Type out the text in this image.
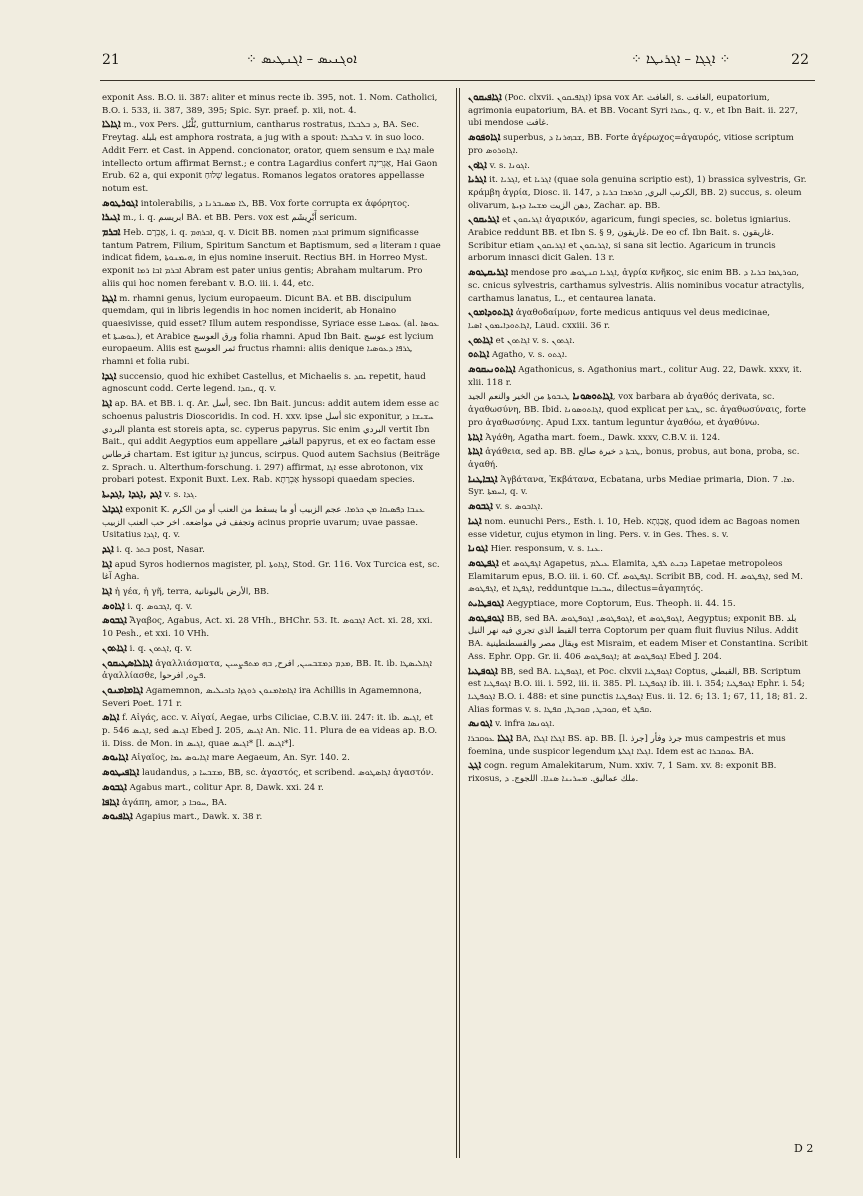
21	⁘ ܐܘܓܢܝܣ – ܐܓܢܛܝܣ	⁘ ܐܓܓܐ – ܐܓܪܝܛܐ ⁘	22

exponit Ass. B.O. ii. 387: aliter et minus recte ib. 395, not. 1. Nom. Catholici, B.O. i. 533, ii. 387, 389, 395; Spic. Syr. praef. p. xii, not. 4.

ܐܓܐܠܐ m., vox Pers. بُلْبُل, gutturnium, cantharus rostratus, ܕ ܒܠܒܠܐ, BA. Sec. Freytag. بلبلة est amphora rostrata, a jug with a spout: ܒܠܒܠܐ v. in suo loco. Addit Ferr. et Cast. in Append. concionator, orator, quem sensum e ܐܓܠܐ male intellecto ortum affirmat Bernst.; e contra Lagardius confert אַגְרִיּנָה, Hai Gaon Erub. 62 a, qui exponit שְׁלוּחַ legatus. Romanos legatos oratores appellasse notum est.

ܐܓܘܪܛܘܣ intolerabilis, ܠܐ ܡܣܝܒܪܢܐ ܕ, BB. Vox forte corrupta ex ἀφόρητος.

ܐܓܝܪܐ m., i. q. ابریسم BA. et BB. Pers. vox est أَبْرِيشَم sericum.

ܐܒܪܡ Heb. אַבְרָם, i. q. ܐܒܪܗܡ, q. v. Dicit BB. nomen ܐܒܪܡ primum significasse tantum Patrem, Filium, Spiritum Sanctum et Baptismum, sed ܗ literam ܐ quae indicat fidem, ܗܝܡܢܘܬܐ, in ejus nomine inseruit. Rectius BH. in Horreo Myst. exponit ܐܒܪܡ ܐܒܐ ܪܡܐ Abram est pater unius gentis; Abraham multarum. Pro aliis qui hoc nomen ferebant v. B.O. iii. i. 44, etc.

ܐܓܓܐ m. rhamni genus, lycium europaeum. Dicunt BA. et BB. discipulum quemdam, qui in libris legendis in hoc nomen inciderit, ab Honaino quaesivisse, quid esset? Illum autem respondisse, Syriace esse ܥܘܣܝܐ (al. ܥܘܣܐ et ܥܘܣܝܬܐ), et Arabice ورق العوسج folia rhamni. Apud Ibn Bait. عوسج est lycium europaeum. Aliis est ثمر العوسج fructus rhamni: aliis denique ܛܪܦܐ ܕܥܘܣܝܐ rhamni et folia rubi.

ܐܓܕܐ succensio, quod hic exhibet Castellus, et Michaelis s. ܝܩܕ repetit, haud agnoscunt codd. Certe legend. ܝܩܕܐ, q. v.

ܐܓܐ ap. BA. et BB. i. q. Ar. أسل, sec. Ibn Bait. juncus: addit autem idem esse ac schoenus palustris Dioscoridis. In cod. H. xxv. ipse أسل sic exponitur, ܚܫܝܫܐ ܕ البردي planta est storeis apta, sc. cyperus papyrus. Sic enim البردي vertit Ibn Bait., qui addit Aegyptios eum appellare الفافير papyrus, et ex eo factam esse قرطاس chartam. Est igitur ܐܓܐ juncus, scirpus. Quod autem Sachsius (Beiträge z. Sprach. u. Alterthum-forschung. i. 297) affirmat, ܐܓܐ esse abrotonon, vix probari potest. Exponit Buxt. Lex. Rab. אַבְרָתָא hyssopi quaedam species.

ܐܓܕ ,ܐܓܕܐ ,ܐܓܕܝܬܐ v. s. ܓܕܐ.

ܐܓܕܐܠ exponit K. ܥܢܒܐ ܕܦܣܝܩܐ ܡܢ ܟܪܡܐ. عجم الزبيب أو ما يسقط من العنب أو من الكرم وتجفف في مواضعه. اخر حب العنب الزبيب acinus proprie uvarum; uvae passae. Usitatius ܐܓܕܐ, q. v.

ܐܓܕ i. q. ܒܬܪ post, Nasar.

ܐܓܐ apud Syros hodiernos magister, pl. ܐܓܐܘܬܐ, Stod. Gr. 116. Vox Turcica est, sc. آغا Agha.

ܐܓܐ ἡ γέα, ἡ γῆ, terra, الأرض باليونانية, BB.

ܐܓܐܘܣ i. q. ܐܓܒܘܣ, q. v.

ܐܓܒܘܣ Ἄγαβος, Agabus, Act. xi. 28 VHh., BHChr. 53. It. ܐܓܒܘܣ Act. xi. 28, xxi. 10 Pesh., et xxi. 10 VHh.

ܐܓܐܬܘܢ i. q. ܐܓܬܘܢ, q. v.

ܐܓܐܠܐܣܛܝܩܘܢ ἀγαλλιάσματα, ܡܕܡ ܕܡܫܒܚܝܢ, افرح, ܒܗ ܡܬܦܨܚܝܢ, BB. It. ib. ܐܓܐܠܝܣܛܐ ἀγαλλίασθε, ܦܨܘ, افرحوا.

ܐܓܐܡܐܡܢܘܢ Agamemnon, ܐܓܐܡܐܡܢܘܢ ܪܘܓܙܐ ܕܐܟܝܠܝܣ ira Achillis in Agamemnona, Severi Poet. 171 r.

ܐܓܐܣ f. Αἰγάς, acc. v. Αἰγαί, Aegae, urbs Ciliciae, C.B.V. iii. 247: it. ib. ܐܓܝܣ, et p. 546 ܐܓܝܣ, sed ܐܓܝܣ Ebed J. 205, ܐܓܝܣ An. Nic. 11. Plura de ea videas ap. B.O. ii. Diss. de Mon. in ܐܓܝܣ, quae ܐܓܝܣ* [l. ܐܓܝܣ*].

ܐܓܐܝܘܣ Αἰγαῖος, ܐܓܐܝܘܣ ܝܡܐ mare Aegaeum, An. Syr. 140. 2.

ܐܓܐܦܝܛܘܣ laudandus, ܡܫܒܚܐ ܕ, BB, sc. ἀγαστός, et scribend. ܐܓܐܣܛܘܣ ἀγαστόν.

ܐܓܒܘܣ Agabus mart., colitur Apr. 8, Dawk. xxi. 24 r.

ܐܓܐܦܐ ἀγάπη, amor, ܚܘܒܐ ܕ, BA.

ܐܓܐܦܝܘܣ Agapius mart., Dawk. x. 38 r.

ܐܓܐܦܝܩܘܢ (Poc. clxvii. ܐܓܐܦܝܩܘܢ) ipsa vox Ar. الغافث, s. الغافت, eupatorium, agrimonia eupatorium, BA. et BB. Vocant Syri ܥܩܪܐ, q. v., et Ibn Bait. ii. 227, ubi mendose غافت.

ܐܓܐܘܦܘܣ superbus, ܫܒܗܪܢܐ ܕ, BB. Forte ἀγέρωχος=ἀγαυρός, vitiose scriptum pro ܐܓܐܘܪܘܣ.

ܐܓܐܘܢ v. s. ܐܓܘܢܐ.

ܐܓܪܝܐ it. ܐܓܪܝܐ, et ܐܓܪܝܐ (quae sola genuina scriptio est), 1) brassica sylvestris, Gr. κράμβη ἀγρία, Diosc. ii. 147, الكرنب البري, ܩܪܡܒܐ ܒܪܝܐ ܕ, BB. 2) succus, s. oleum olivarum, دهن الزيت ܡܫܚܐ ܕܙܝܬܐ, Zachar. ap. BB.

ܐܓܪܝܩܘܢ et ܐܓܪܝܩܘܢ ἀγαρικόν, agaricum, fungi species, sc. boletus igniarius. Arabice reddunt BB. et Ibn S. § 9, غاريقون. De eo cf. Ibn Bait. s. غاريقون. Scribitur etiam ܐܓܪܝܩܘܢ et ܐܓܪܝܩܘܢ, si sana sit lectio. Agaricum in truncis arborum innasci dicit Galen. 13 r.

ܐܓܪܝܩܛܘܣ mendose pro ܐܓܪܝܐ ܩܢܛܘܣ, ἀγρία κνῆκος, sic enim BB. ܩܘܪܛܡܐ ܒܪܝܐ ܕ, sc. cnicus sylvestris, carthamus sylvestris. Aliis nominibus vocatur atractylis, carthamus lanatus, L., et centaurea lanata.

ܐܓܐܬܘܕܐܡܘܢ ἀγαθοδαίμων, forte medicus antiquus vel deus medicinae, ܐܓܐܬܘܕܐܝܡܘܢ ܐܣܝܐ, Laud. cxxiii. 36 r.

ܐܓܐܬܘܢ et ܐܓܐܬܘܢ v. s. ܐܓܬܘܢ.

ܐܓܐܬܘ Agatho, v. s. ܐܓܬܘ.

ܐܓܐܬܘܢܝܩܘܣ Agathonicus, s. Agathonius mart., colitur Aug. 22, Dawk. xxxv, it. xlii. 118 r.

ܐܓܐܬܘܣܘܢܐ ܛܝܒܘܬܐ من الخير والنعم الجيد, vox barbara ab ἀγαθός derivata, sc. ἀγαθωσύνη, BB. Ibid. ܐܓܐܬܘܣܘܢܐ, quod explicat per ܛܒܬܐ, sc. ἀγαθωσύναις, forte pro ἀγαθωσύνης. Apud Lxx. tantum leguntur ἀγαθόω, et ἀγαθύνω.

ܐܓܐܬܐ Ἀγάθη, Agatha mart. foem., Dawk. xxxv, C.B.V. ii. 124.

ܐܓܐܬܐ ἀγάθεια, sed ap. BB. ܛܒܬܐ ܕ خيرة صالح, bonus, probus, aut bona, proba, sc. ἀγαθή.

ܐܓܒܐܛܢܐ Ἀγβάτανα, Ἐκβάτανα, Ecbatana, urbs Mediae primaria, Dion. ܡܐ. 7. Syr. ܐܚܡܬܐ, q. v.

ܐܓܒܘܣ v. s. ܐܓܐܒܘܣ.

ܐܓܝܐ nom. eunuchi Pers., Esth. i. 10, Heb. אֲבַגְתָא, quod idem ac Bagoas nomen esse videtur, cujus etymon in ling. Pers. v. in Ges. Thes. s. v.

ܐܓܘܢܐ Hier. responsum, v. s. ܥܢܐ.

ܐܓܦܛܘܣ et ܐܓܦܛܘܣ Agapetus, ܥܝܠܡ Elamita, ܕܒܝܬ ܠܦܛ Lapetae metropoleos Elamitarum epus, B.O. iii. i. 60. Cf. ܐܓܦܛܘܣ. Scribit BB, cod. H. ܐܓܦܛܘܣ, sed M. ܐܓܦܛܘܣ, et ܐܓܦܛܐ, redduntque ܚܒܝܒܐ, dilectus=ἀγαπητός.

ܐܓܘܦܛܐܝܬ Aegyptiace, more Coptorum, Eus. Theoph. ii. 44. 15.

ܐܓܘܦܛܘܣ BB, sed BA. ܐܓܘܦܛܘܣ, ܐܓܘܦܛܘܣ, et ܐܓܘܦܛܘܣ, Aegyptus; exponit BB. بلد القبط الذي تجري فيه نهر النيل terra Coptorum per quam fluit fluvius Nilus. Addit BA. ويقال مصر والقسطنطينية est Misraim, et eadem Miser et Constantina. Scribit Ass. Ephr. Opp. Gr. ii. 406 ܐܓܘܦܛܘܣ; at ܐܓܘܦܛܘܣ Ebed J. 204.

ܐܓܘܦܛܝܐ BB, sed BA. ܐܓܘܦܛܝܐ, et Poc. clxvii ܐܓܘܦܛܝܐ Coptus, القبطي, BB. Scriptum est ܐܓܘܦܛܝܐ B.O. iii. i. 592, iii. ii. 385. Pl. ܐܓܘܦܛܝܐ ib. iii. i. 354; ܐܓܘܦܛܝܐ Ephr. i. 54; ܐܓܘܦܛܝܐ B.O. i. 488: et sine punctis ܐܓܘܦܛܝܐ Eus. ii. 12. 6; 13. 1; 67, 11, 18; 81. 2. Alias formas v. s. ܩܘܒܛ, ܩܘܒܛܐ, ܩܦܛܐ, et ܩܦܛ.

ܐܓܘܢܣ v. infra ܐܓܘܢܣܐ.

ܐܓܠܐ ܥܘܩܒܪܐ BA, ܐܓܠܐ ܐܓܠܐ BS. ap. BB. [l. جرذ] جرذ وفأر mus campestris et mus foemina, unde suspicor legendum ܐܓܠܐ ܐܓܠܬܐ. Idem est ac ܥܘܩܒܪܐ BA.

ܐܓܓ cogn. regum Amalekitarum, Num. xxiv. 7, 1 Sam. xv. 8: exponit BB. rixosus, ملك عماليق. ܡܚܪܝܢܐ ܣܢܐܐ. اللجوج. ܕ.

D 2
